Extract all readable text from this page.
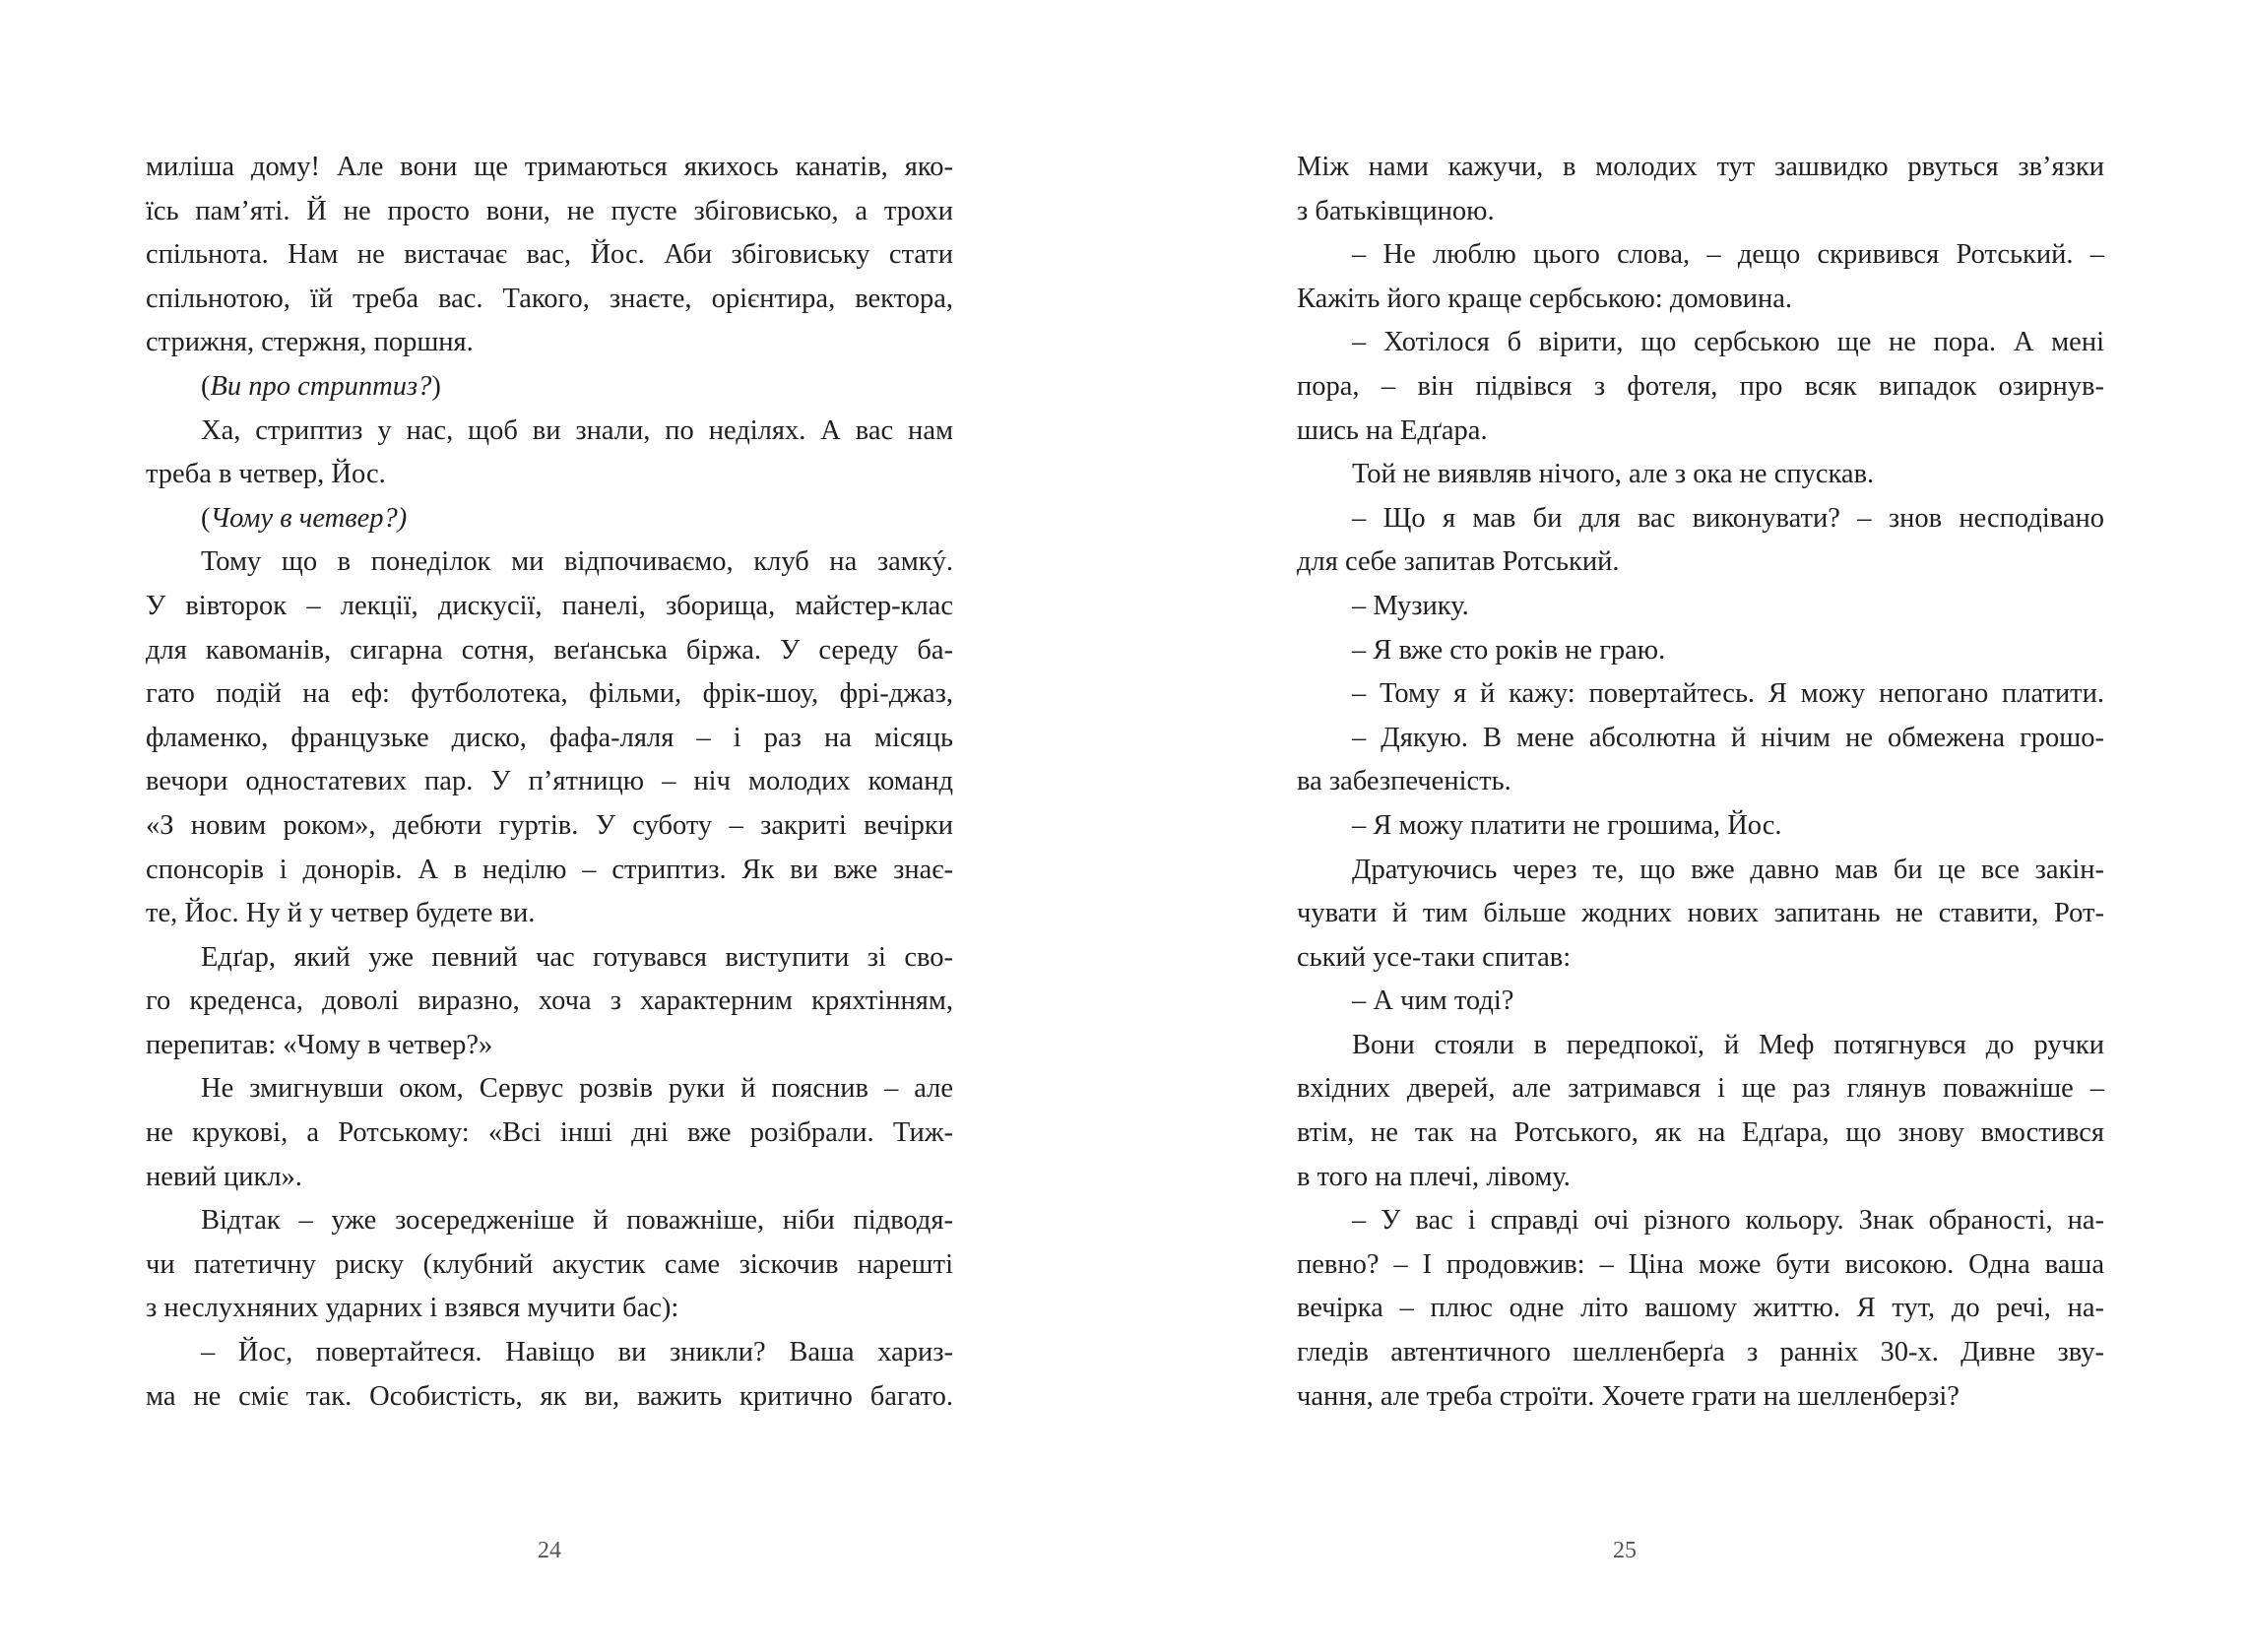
милiша дому! Але вони ще тримаються якихось канатів, яко-
їсь пам’яті. Й не просто вони, не пусте збіговисько, а трохи
спільнота. Нам не вистачає вас, Йос. Аби збіговиську стати
спільнотою, їй треба вас. Такого, знаєте, орієнтира, вектора,
стрижня, стержня, поршня.
(Ви про стриптиз?)
Ха, стриптиз у нас, щоб ви знали, по неділях. А вас нам
треба в четвер, Йос.
(Чому в четвер?)
Тому що в понеділок ми відпочиваємо, клуб на замкý.
У вівторок – лекції, дискусії, панелі, зборища, майстер-клас
для кавоманів, сигарна сотня, веґанська біржа. У середу ба-
гато подій на еф: футболотека, фільми, фрік-шоу, фрі-джаз,
фламенко, французьке диско, фафа-ляля – і раз на місяць
вечори одностатевих пар. У п’ятницю – ніч молодих команд
«З новим роком», дебюти гуртів. У суботу – закриті вечірки
спонсорів і донорів. А в неділю – стриптиз. Як ви вже знає-
те, Йос. Ну й у четвер будете ви.
Едґар, який уже певний час готувався виступити зі сво-
го кредeнса, доволі виразно, хоча з характерним кряхтінням,
перепитав: «Чому в четвер?»
Не змигнувши оком, Сервус розвів руки й пояснив – але
не крукові, а Ротському: «Всі інші дні вже розібрали. Тиж-
невий цикл».
Відтак – уже зосередженіше й поважніше, ніби підводя-
чи патетичну риску (клубний акустик саме зіскочив нарешті
з неслухняних ударних і взявся мучити бас):
– Йос, повертайтеся. Навіщо ви зникли? Ваша хариз-
ма не сміє так. Особистість, як ви, важить критично багато.
24
Між нами кажучи, в молодих тут зашвидко рвуться зв’язки
з батьківщиною.
– Не люблю цього слова, – дещо скривився Ротський. –
Кажіть його краще сербською: домовина.
– Хотілося б вірити, що сербською ще не пора. А мені
пора, – він підвівся з фотеля, про всяк випадок озирнув-
шись на Едґара.
Той не виявляв нічого, але з ока не спускав.
– Що я мав би для вас виконувати? – знов несподівано
для себе запитав Ротський.
– Музику.
– Я вже сто років не граю.
– Тому я й кажу: повертайтесь. Я можу непогано платити.
– Дякую. В мене абсолютна й нічим не обмежена грошо-
ва забезпеченість.
– Я можу платити не грошима, Йос.
Дратуючись через те, що вже давно мав би це все закін-
чувати й тим більше жодних нових запитань не ставити, Рот-
ський усе-таки спитав:
– А чим тоді?
Вони стояли в передпокої, й Меф потягнувся до ручки
вхідних дверей, але затримався і ще раз глянув поважніше –
втім, не так на Ротського, як на Едґара, що знову вмостився
в того на плечі, лівому.
– У вас і справді очі різного кольору. Знак обраності, на-
певно? – І продовжив: – Ціна може бути високою. Одна ваша
вечірка – плюс одне літо вашому життю. Я тут, до речі, на-
глeдів автентичного шелленберґа з ранніх 30-х. Дивне зву-
чання, але треба строїти. Хочете грати на шелленберзі?
25
